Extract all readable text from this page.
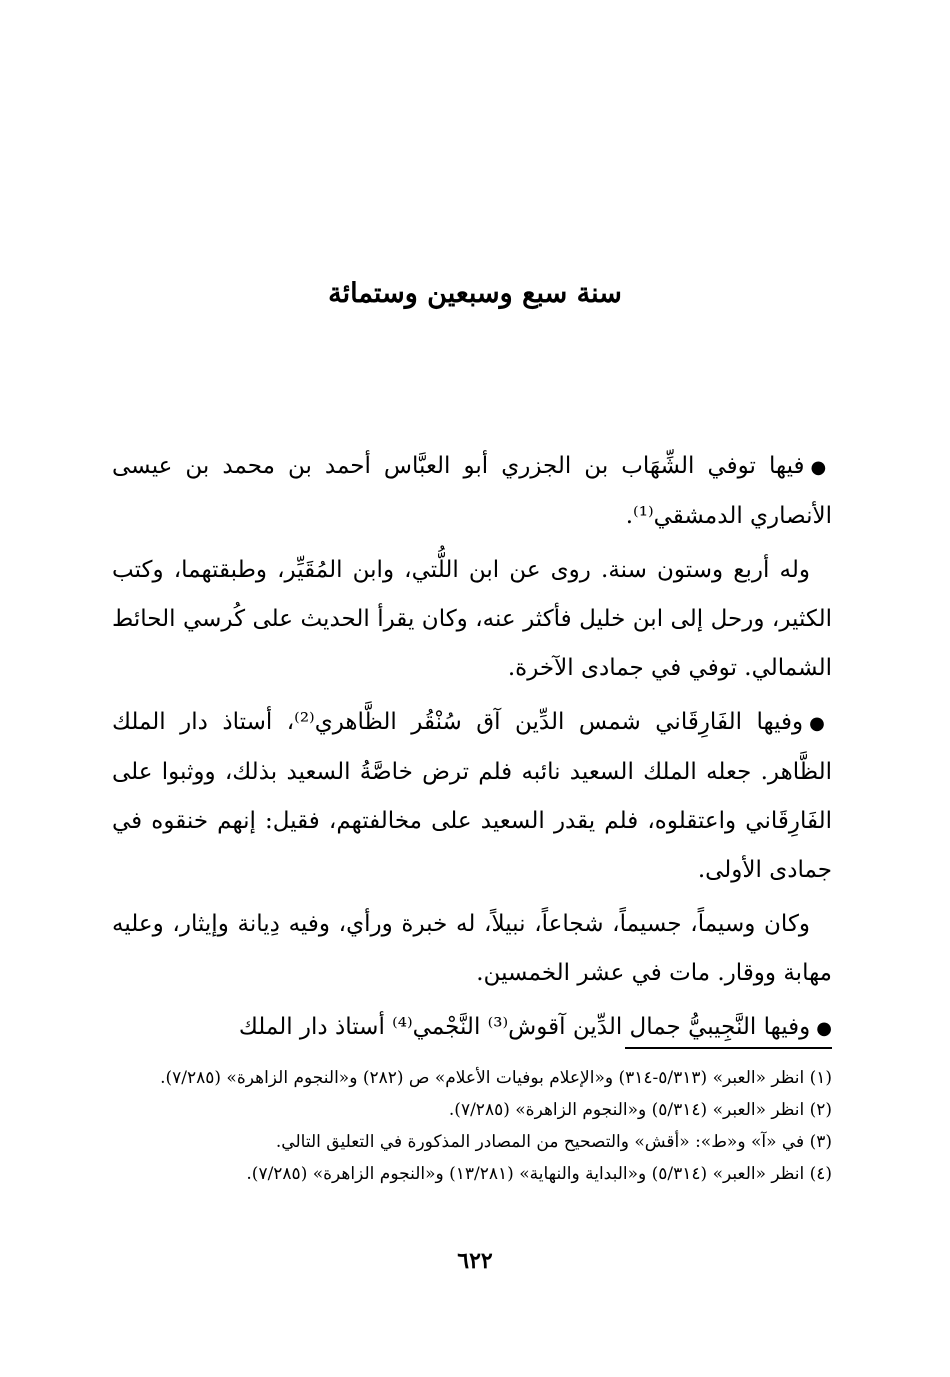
سنة سبع وسبعين وستمائة

●فيها توفي الشِّهَاب بن الجزري أبو العبَّاس أحمد بن محمد بن عيسى الأنصاري الدمشقي⁽¹⁾.

وله أربع وستون سنة. روى عن ابن اللُّتي، وابن المُقَيِّر، وطبقتهما، وكتب الكثير، ورحل إلى ابن خليل فأكثر عنه، وكان يقرأ الحديث على كُرسي الحائط الشمالي. توفي في جمادى الآخرة.

●وفيها الفَارِقَاني شمس الدِّين آق سُنْقُر الظَّاهري⁽²⁾، أستاذ دار الملك الظَّاهر. جعله الملك السعيد نائبه فلم ترض خاصَّةُ السعيد بذلك، ووثبوا على الفَارِقَاني واعتقلوه، فلم يقدر السعيد على مخالفتهم، فقيل: إنهم خنقوه في جمادى الأولى.

وكان وسيماً، جسيماً، شجاعاً، نبيلاً، له خبرة ورأي، وفيه دِيانة وإيثار، وعليه مهابة ووقار. مات في عشر الخمسين.

●وفيها النَّجِيبيُّ جمال الدِّين آقوش⁽³⁾ النَّجْمي⁽⁴⁾ أستاذ دار الملك

(١) انظر «العبر» (٥/٣١٣-٣١٤) و«الإعلام بوفيات الأعلام» ص (٢٨٢) و«النجوم الزاهرة» (٧/٢٨٥).

(٢) انظر «العبر» (٥/٣١٤) و«النجوم الزاهرة» (٧/٢٨٥).

(٣) في «آ» و«ط»: «أقش» والتصحيح من المصادر المذكورة في التعليق التالي.

(٤) انظر «العبر» (٥/٣١٤) و«البداية والنهاية» (١٣/٢٨١) و«النجوم الزاهرة» (٧/٢٨٥).

٦٢٢
